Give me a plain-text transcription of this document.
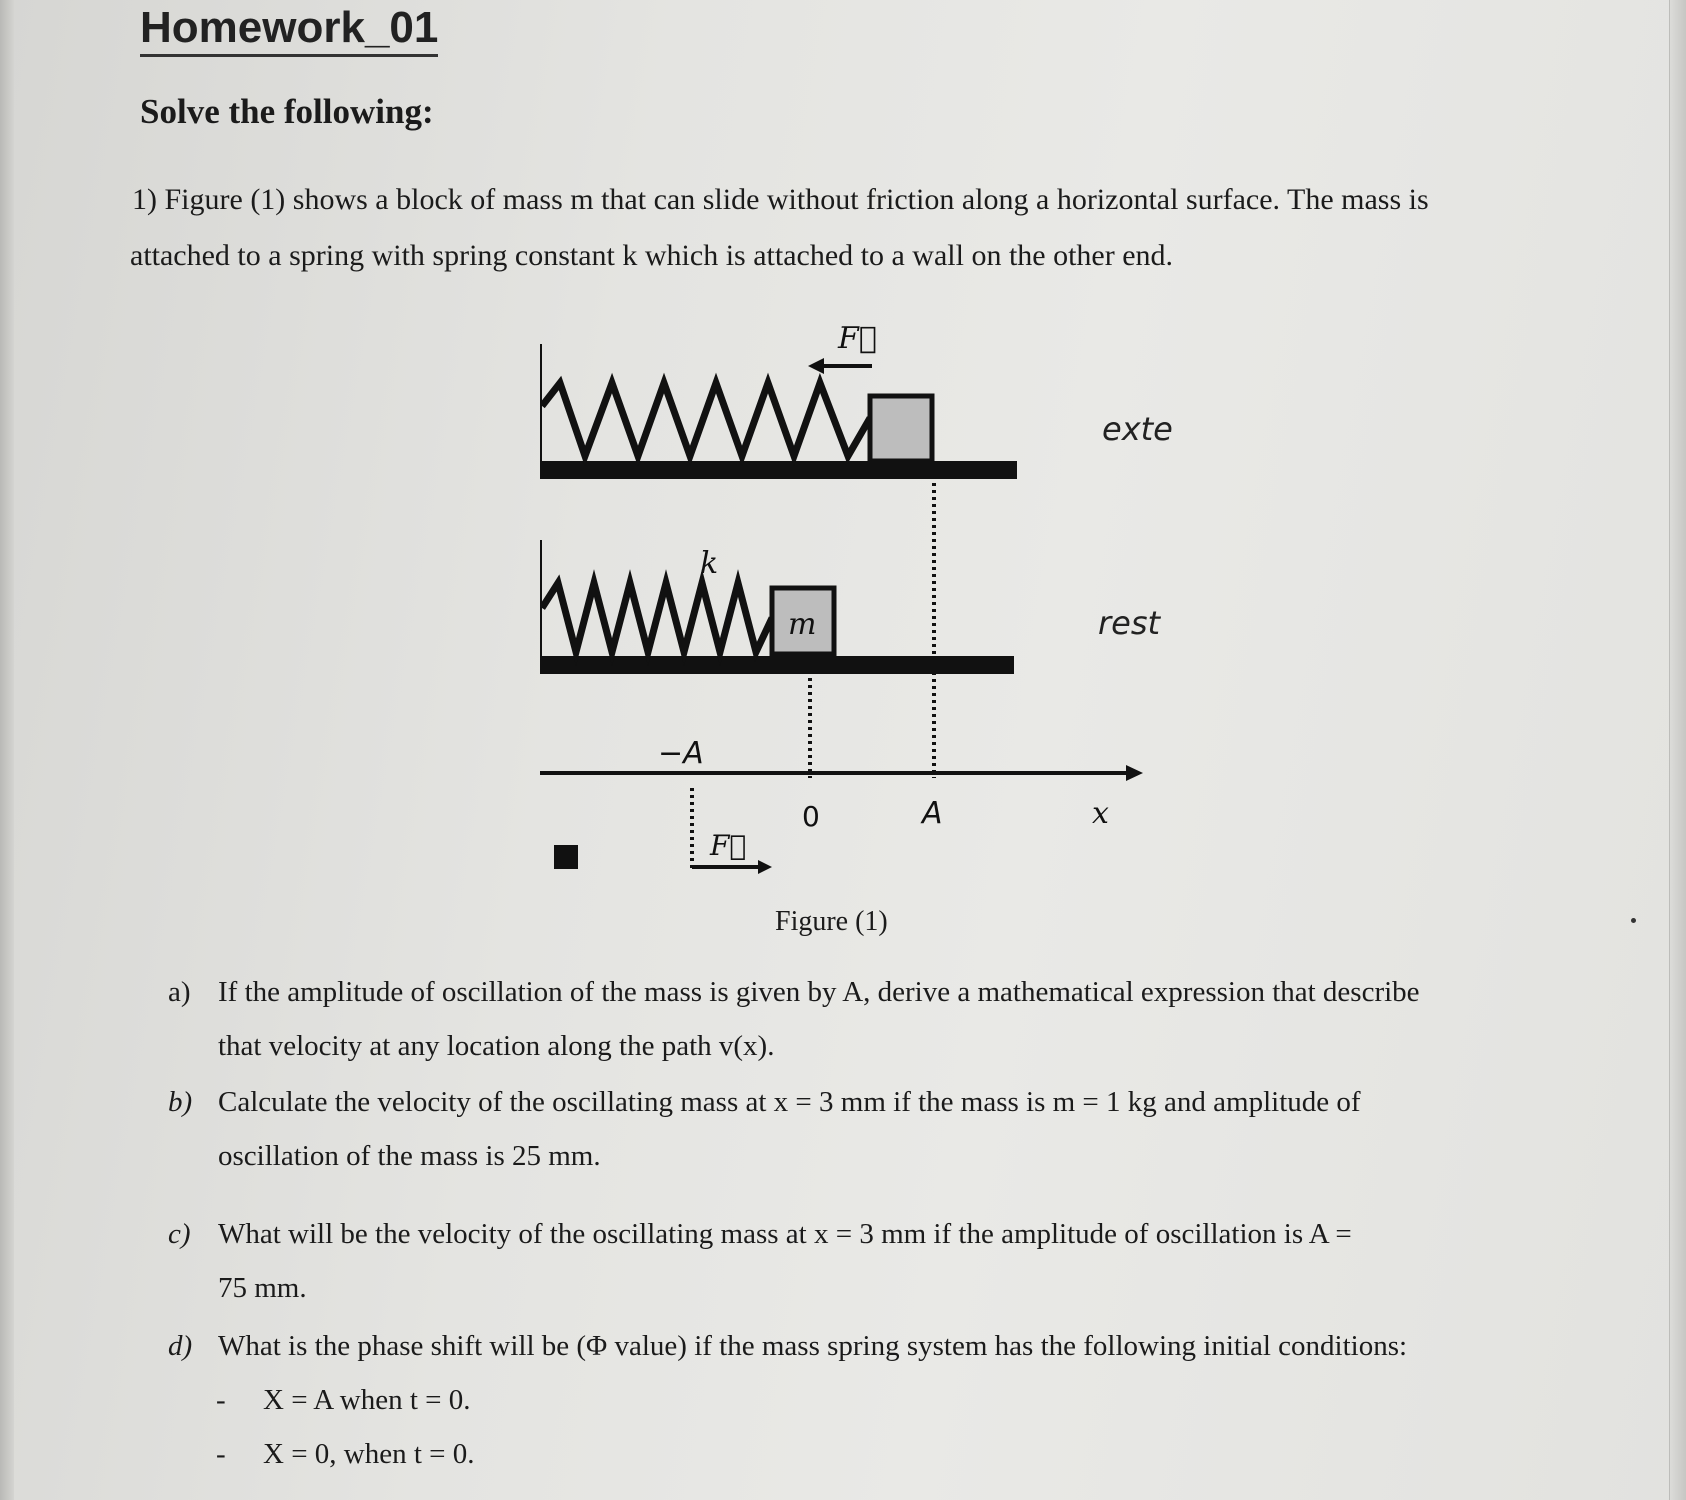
Homework_01
Solve the following:
1) Figure (1) shows a block of mass m that can slide without friction along a horizontal surface. The mass is
attached to a spring with spring constant k which is attached to a wall on the other end.
F⃗
exte
k
m	rest
−A
0	A	x
F⃗
Figure (1)
a) If the amplitude of oscillation of the mass is given by A, derive a mathematical expression that describe
that velocity at any location along the path v(x).
b) Calculate the velocity of the oscillating mass at x = 3 mm if the mass is m = 1 kg and amplitude of
oscillation of the mass is 25 mm.
c) What will be the velocity of the oscillating mass at x = 3 mm if the amplitude of oscillation is A =
75 mm.
d) What is the phase shift will be (Φ value) if the mass spring system has the following initial conditions:
- X = A when t = 0.
- X = 0, when t = 0.
